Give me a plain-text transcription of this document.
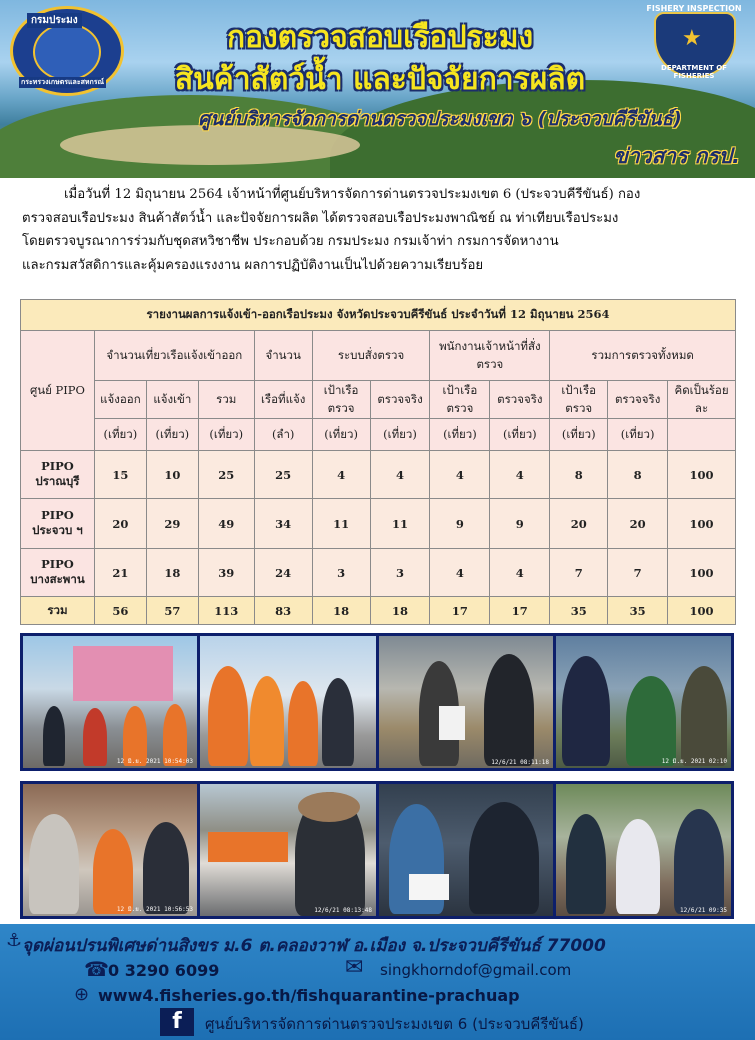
กรมประมง
กระทรวงเกษตรและสหกรณ์
★
FISHERY INSPECTION
DEPARTMENT OF FISHERIES
กองตรวจสอบเรือประมง
สินค้าสัตว์น้ำ และปัจจัยการผลิต
ศูนย์บริหารจัดการด่านตรวจประมงเขต ๖ (ประจวบคีรีขันธ์)
ข่าวสาร กรป.
เมื่อวันที่ 12 มิถุนายน 2564 เจ้าหน้าที่ศูนย์บริหารจัดการด่านตรวจประมงเขต 6 (ประจวบคีรีขันธ์) กอง
ตรวจสอบเรือประมง สินค้าสัตว์น้ำ และปัจจัยการผลิต ได้ตรวจสอบเรือประมงพาณิชย์ ณ ท่าเทียบเรือประมง
โดยตรวจบูรณาการร่วมกับชุดสหวิชาชีพ ประกอบด้วย กรมประมง กรมเจ้าท่า กรมการจัดหางาน
และกรมสวัสดิการและคุ้มครองแรงงาน ผลการปฏิบัติงานเป็นไปด้วยความเรียบร้อย
รายงานผลการแจ้งเข้า-ออกเรือประมง จังหวัดประจวบคีรีขันธ์ ประจำวันที่ 12 มิถุนายน 2564											
ศูนย์ PIPO	จำนวนเที่ยวเรือแจ้งเข้าออก			จำนวน	ระบบสั่งตรวจ		พนักงานเจ้าหน้าที่สั่งตรวจ		รวมการตรวจทั้งหมด		
	แจ้งออก	แจ้งเข้า	รวม	เรือที่แจ้ง	เป้าเรือตรวจ	ตรวจจริง	เป้าเรือตรวจ	ตรวจจริง	เป้าเรือตรวจ	ตรวจจริง	คิดเป็นร้อยละ
	(เที่ยว)	(เที่ยว)	(เที่ยว)	(ลำ)	(เที่ยว)	(เที่ยว)	(เที่ยว)	(เที่ยว)	(เที่ยว)	(เที่ยว)	

PIPO
ปราณบุรี	15	10	25	25	4	4	4	4	8	8	100

PIPO
ประจวบ ฯ	20	29	49	34	11	11	9	9	20	20	100

PIPO
บางสะพาน	21	18	39	24	3	3	4	4	7	7	100
รวม	56	57	113	83	18	18	17	17	35	35	100
12 มิ.ย. 2021 10:54:03	12/6/21 08:11:18	12 มิ.ย. 2021 02:10
12 มิ.ย. 2021 10:56:53	12/6/21 08:13:48	12/6/21 09:35
⚓ จุดผ่อนปรนพิเศษด่านสิงขร ม.6 ต.คลองวาฬ อ.เมือง จ.ประจวบคีรีขันธ์ 77000
☎ 0 3290 6099	✉ singkhorndof@gmail.com
⊕ www4.fisheries.go.th/fishquarantine-prachuap
f	ศูนย์บริหารจัดการด่านตรวจประมงเขต 6 (ประจวบคีรีขันธ์)
